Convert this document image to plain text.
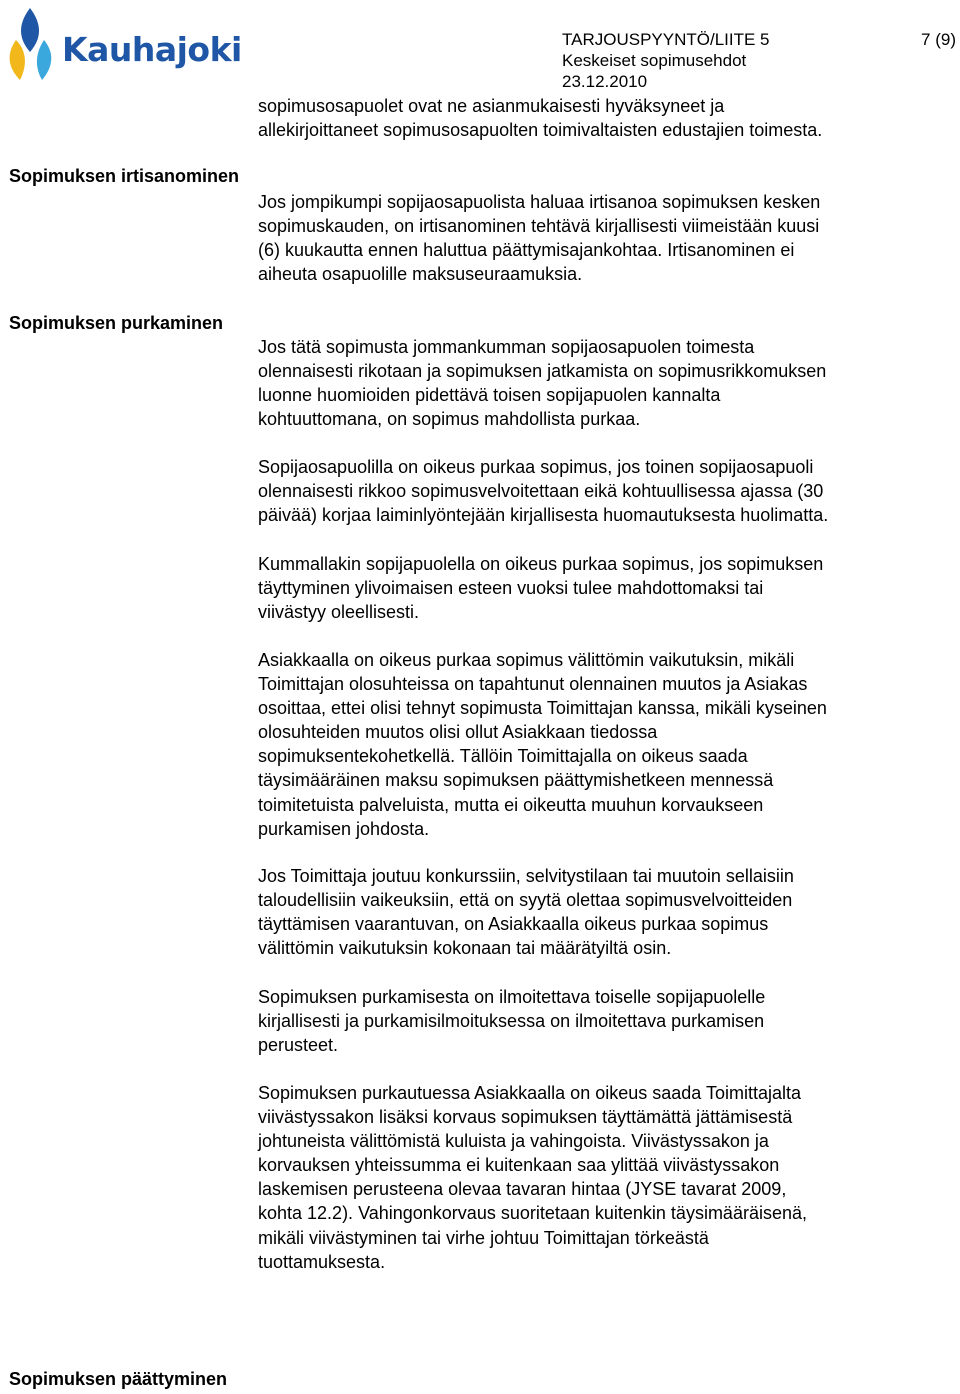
Kauhajoki	TARJOUSPYYNTÖ/LIITE 5
Keskeiset sopimusehdot
23.12.2010
7 (9)
sopimusosapuolet ovat ne asianmukaisesti hyväksyneet ja
allekirjoittaneet sopimusosapuolten toimivaltaisten edustajien toimesta.
Sopimuksen irtisanominen
Jos jompikumpi sopijaosapuolista haluaa irtisanoa sopimuksen kesken
sopimuskauden, on irtisanominen tehtävä kirjallisesti viimeistään kuusi
(6) kuukautta ennen haluttua päättymisajankohtaa. Irtisanominen ei
aiheuta osapuolille maksuseuraamuksia.
Sopimuksen purkaminen
Jos tätä sopimusta jommankumman sopijaosapuolen toimesta
olennaisesti rikotaan ja sopimuksen jatkamista on sopimusrikkomuksen
luonne huomioiden pidettävä toisen sopijapuolen kannalta
kohtuuttomana, on sopimus mahdollista purkaa.
Sopijaosapuolilla on oikeus purkaa sopimus, jos toinen sopijaosapuoli
olennaisesti rikkoo sopimusvelvoitettaan eikä kohtuullisessa ajassa (30
päivää) korjaa laiminlyöntejään kirjallisesta huomautuksesta huolimatta.
Kummallakin sopijapuolella on oikeus purkaa sopimus, jos sopimuksen
täyttyminen ylivoimaisen esteen vuoksi tulee mahdottomaksi tai
viivästyy oleellisesti.
Asiakkaalla on oikeus purkaa sopimus välittömin vaikutuksin, mikäli
Toimittajan olosuhteissa on tapahtunut olennainen muutos ja Asiakas
osoittaa, ettei olisi tehnyt sopimusta Toimittajan kanssa, mikäli kyseinen
olosuhteiden muutos olisi ollut Asiakkaan tiedossa
sopimuksentekohetkellä. Tällöin Toimittajalla on oikeus saada
täysimääräinen maksu sopimuksen päättymishetkeen mennessä
toimitetuista palveluista, mutta ei oikeutta muuhun korvaukseen
purkamisen johdosta.
Jos Toimittaja joutuu konkurssiin, selvitystilaan tai muutoin sellaisiin
taloudellisiin vaikeuksiin, että on syytä olettaa sopimusvelvoitteiden
täyttämisen vaarantuvan, on Asiakkaalla oikeus purkaa sopimus
välittömin vaikutuksin kokonaan tai määrätyiltä osin.
Sopimuksen purkamisesta on ilmoitettava toiselle sopijapuolelle
kirjallisesti ja purkamisilmoituksessa on ilmoitettava purkamisen
perusteet.
Sopimuksen purkautuessa Asiakkaalla on oikeus saada Toimittajalta
viivästyssakon lisäksi korvaus sopimuksen täyttämättä jättämisestä
johtuneista välittömistä kuluista ja vahingoista. Viivästyssakon ja
korvauksen yhteissumma ei kuitenkaan saa ylittää viivästyssakon
laskemisen perusteena olevaa tavaran hintaa (JYSE tavarat 2009,
kohta 12.2). Vahingonkorvaus suoritetaan kuitenkin täysimääräisenä,
mikäli viivästyminen tai virhe johtuu Toimittajan törkeästä
tuottamuksesta.
Sopimuksen päättyminen
